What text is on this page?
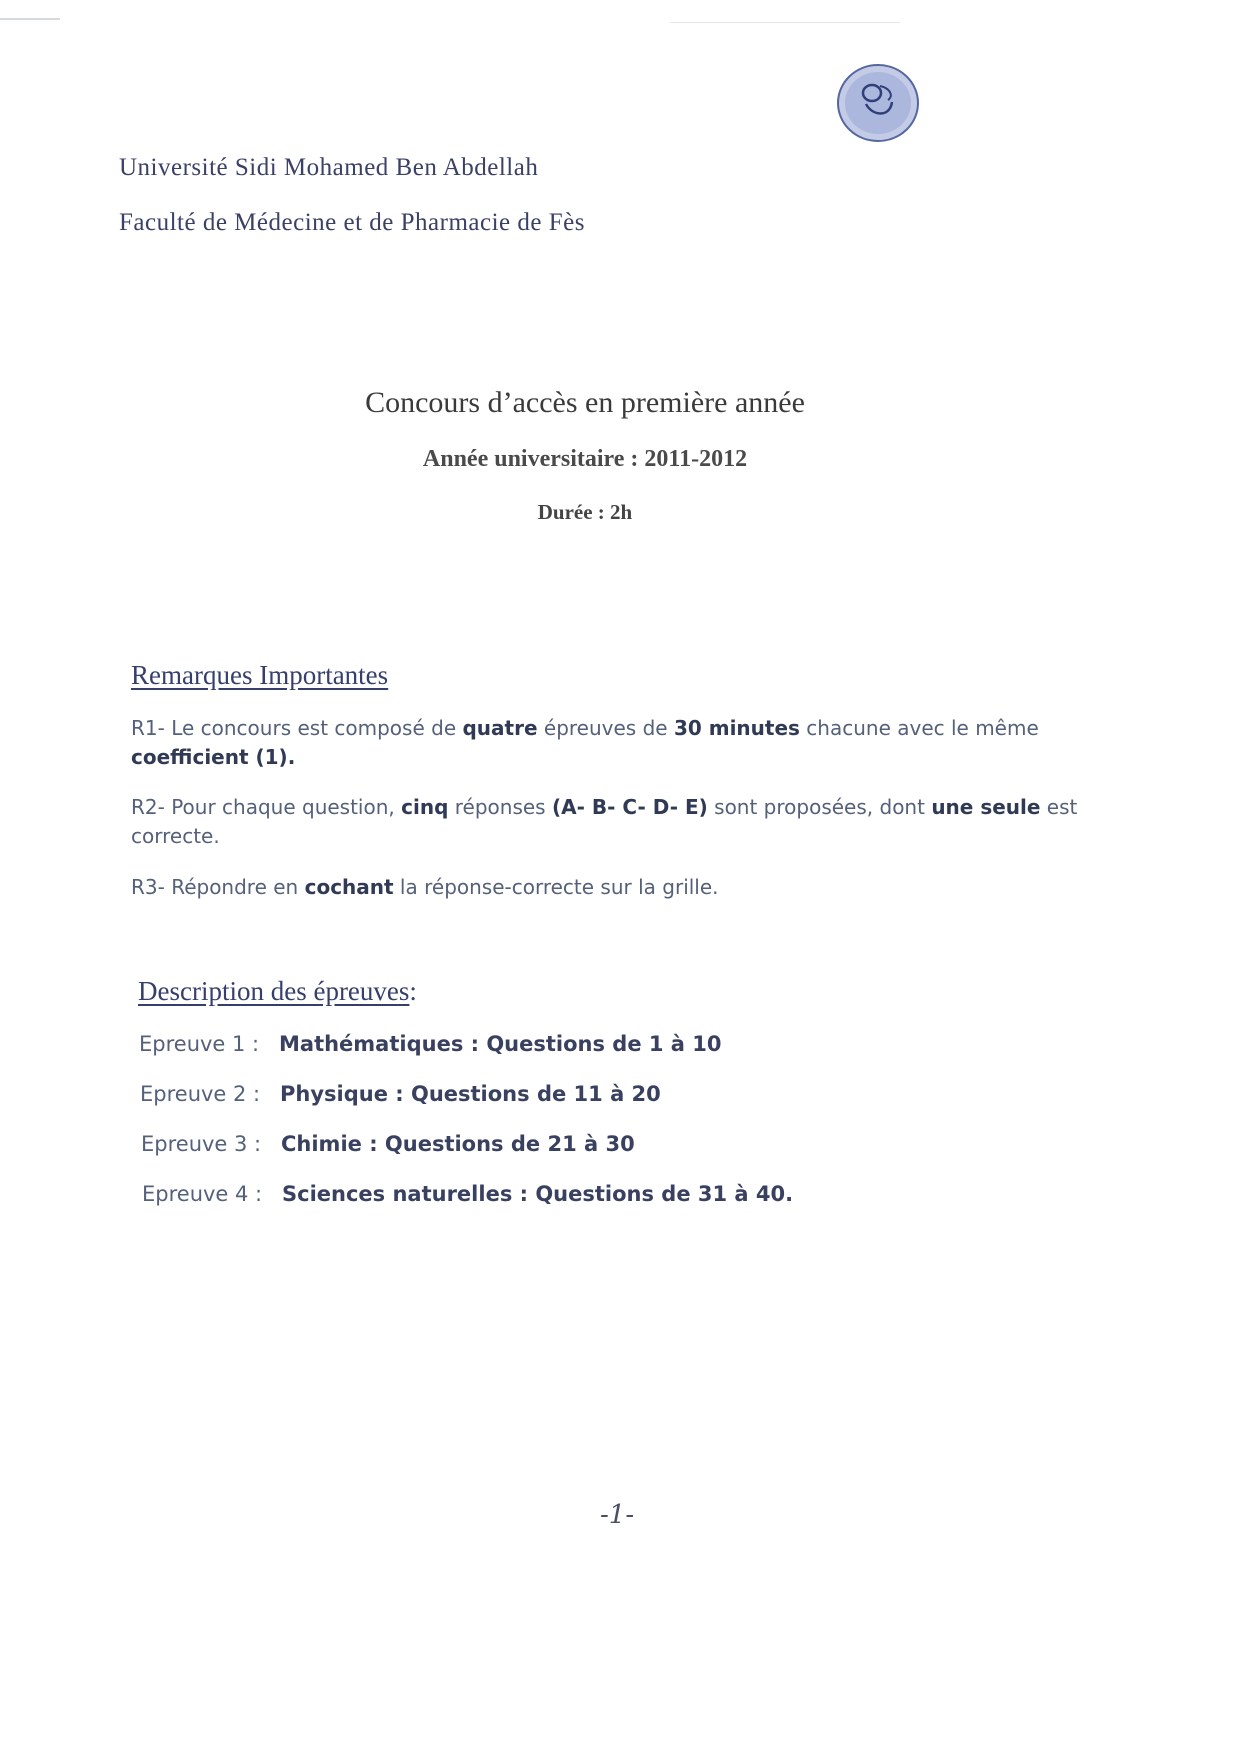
Université Sidi Mohamed Ben Abdellah
Faculté de Médecine et de Pharmacie de Fès
Concours d’accès en première année
Année universitaire : 2011-2012
Durée : 2h
Remarques Importantes
R1- Le concours est composé de quatre épreuves de 30 minutes chacune avec le même coefficient (1).
R2- Pour chaque question, cinq réponses (A- B- C- D- E) sont proposées, dont une seule est correcte.
R3- Répondre en cochant la réponse-correcte sur la grille.
Description des épreuves:
Epreuve 1 : Mathématiques : Questions de 1 à 10
Epreuve 2 : Physique : Questions de 11 à 20
Epreuve 3 : Chimie : Questions de 21 à 30
Epreuve 4 : Sciences naturelles : Questions de 31 à 40.
-1-
